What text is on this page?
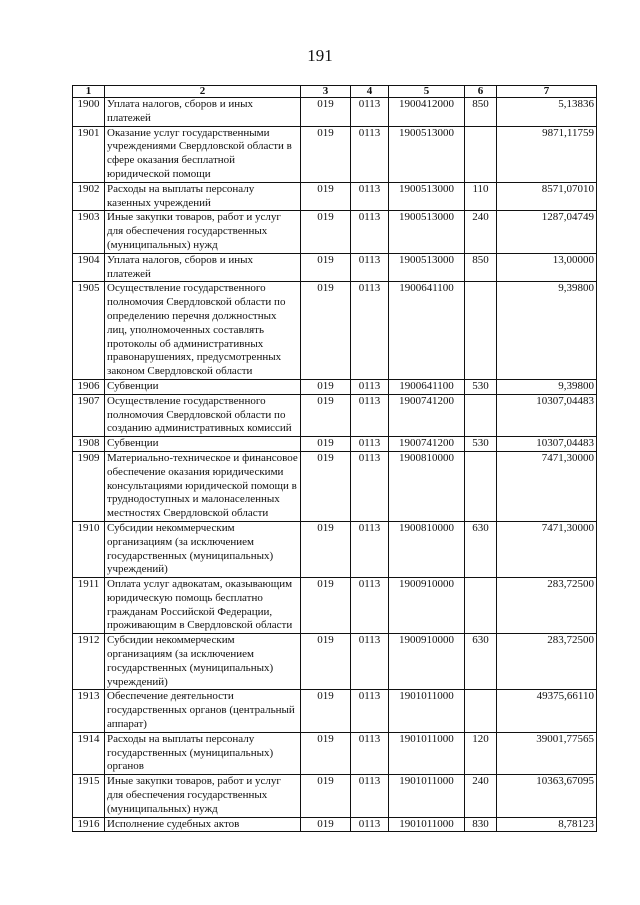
191
1	2	3	4	5	6	7
1900	Уплата налогов, сборов и иных платежей	019	0113	1900412000	850	5,13836
1901	Оказание услуг государственными учреждениями Свердловской области в сфере оказания бесплатной юридической помощи	019	0113	1900513000		9871,11759
1902	Расходы на выплаты персоналу казенных учреждений	019	0113	1900513000	110	8571,07010
1903	Иные закупки товаров, работ и услуг для обеспечения государственных (муниципальных) нужд	019	0113	1900513000	240	1287,04749
1904	Уплата налогов, сборов и иных платежей	019	0113	1900513000	850	13,00000
1905	Осуществление государственного полномочия Свердловской области по определению перечня должностных лиц, уполномоченных составлять протоколы об административных правонарушениях, предусмотренных законом Свердловской области	019	0113	1900641100		9,39800
1906	Субвенции	019	0113	1900641100	530	9,39800
1907	Осуществление государственного полномочия Свердловской области по созданию административных комиссий	019	0113	1900741200		10307,04483
1908	Субвенции	019	0113	1900741200	530	10307,04483
1909	Материально-техническое и финансовое обеспечение оказания юридическими консультациями юридической помощи в труднодоступных и малонаселенных местностях Свердловской области	019	0113	1900810000		7471,30000
1910	Субсидии некоммерческим организациям (за исключением государственных (муниципальных) учреждений)	019	0113	1900810000	630	7471,30000
1911	Оплата услуг адвокатам, оказывающим юридическую помощь бесплатно гражданам Российской Федерации, проживающим в Свердловской области	019	0113	1900910000		283,72500
1912	Субсидии некоммерческим организациям (за исключением государственных (муниципальных) учреждений)	019	0113	1900910000	630	283,72500
1913	Обеспечение деятельности государственных органов (центральный аппарат)	019	0113	1901011000		49375,66110
1914	Расходы на выплаты персоналу государственных (муниципальных) органов	019	0113	1901011000	120	39001,77565
1915	Иные закупки товаров, работ и услуг для обеспечения государственных (муниципальных) нужд	019	0113	1901011000	240	10363,67095
1916	Исполнение судебных актов	019	0113	1901011000	830	8,78123
